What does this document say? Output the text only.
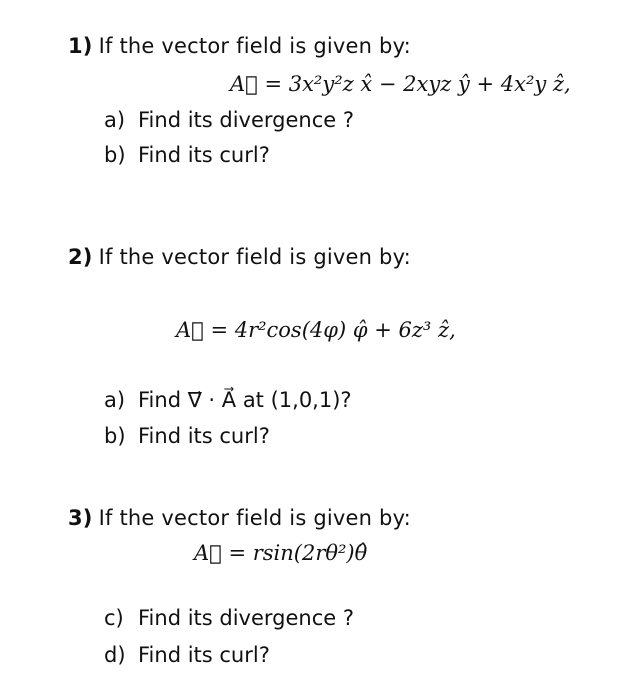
1) If the vector field is given by:
A⃗ = 3x²y²z x̂ − 2xyz ŷ + 4x²y ẑ,
a) Find its divergence ?
b) Find its curl?
2) If the vector field is given by:
A⃗ = 4r²cos(4φ) φ̂ + 6z³ ẑ,
a) Find ∇⃗ · A⃗ at (1,0,1)?
b) Find its curl?
3) If the vector field is given by:
A⃗ = rsin(2rθ²)θ̂
c) Find its divergence ?
d) Find its curl?
